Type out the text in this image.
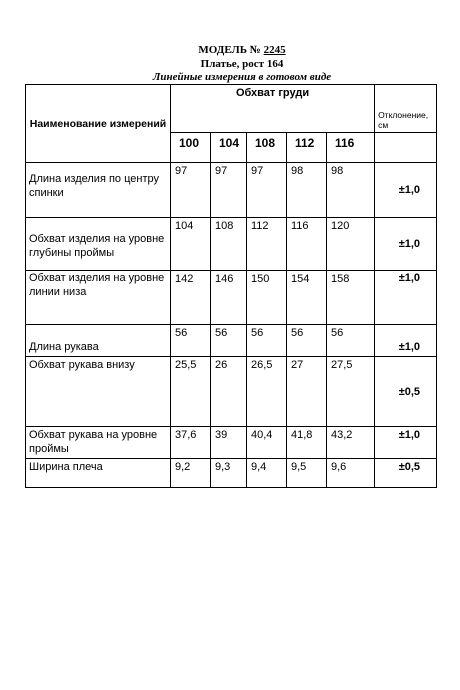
МОДЕЛЬ № 2245
Платье, рост 164
Линейные измерения в готовом виде
Наименование измерений	Обхват груди					Отклонение, см
	100	104	108	112	116	
Длина изделия по центру спинки	97	97	97	98	98	±1,0
Обхват изделия на уровне глубины проймы	104	108	112	116	120	±1,0
Обхват изделия на уровне линии низа	142	146	150	154	158	±1,0
Длина рукава	56	56	56	56	56	±1,0
Обхват рукава внизу	25,5	26	26,5	27	27,5	±0,5
Обхват рукава на уровне проймы	37,6	39	40,4	41,8	43,2	±1,0
Ширина плеча	9,2	9,3	9,4	9,5	9,6	±0,5
